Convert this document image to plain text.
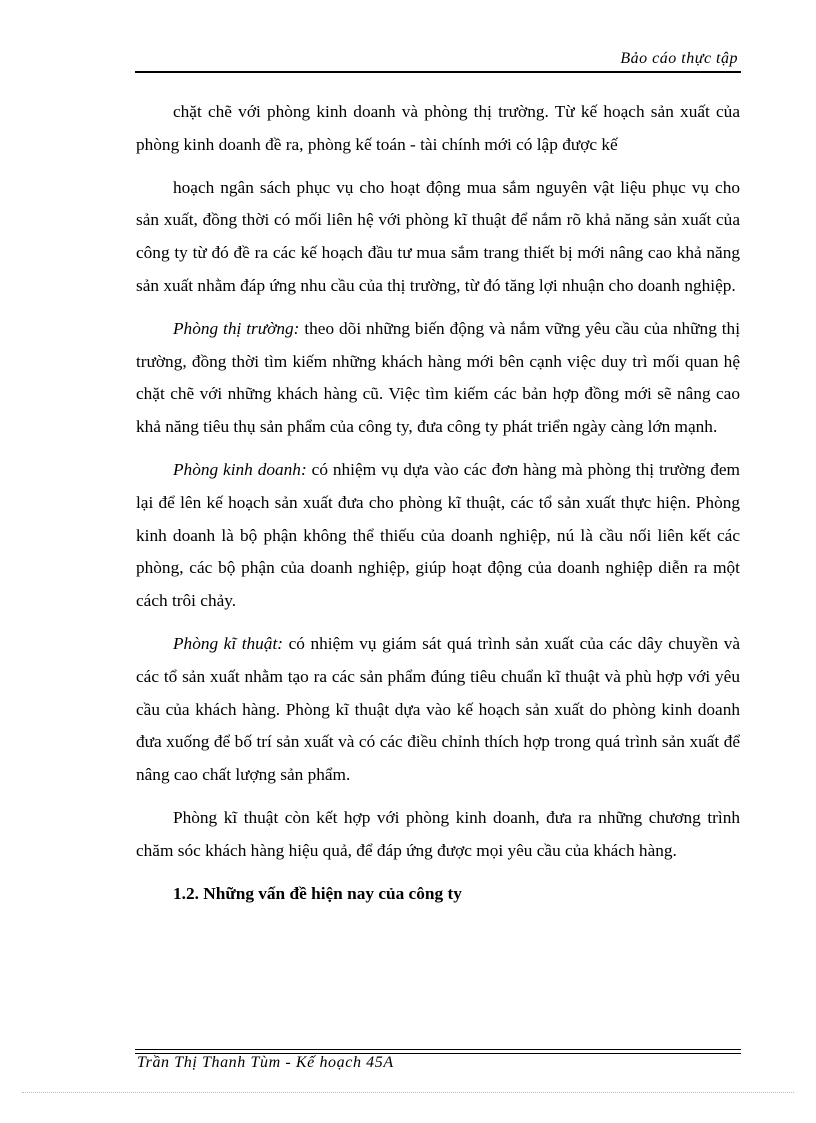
Bảo cáo thực tập

chặt chẽ với phòng kinh doanh và phòng thị trường. Từ kế hoạch sản xuất của phòng kinh doanh đề ra, phòng kế toán - tài chính mới có lập được kế

hoạch ngân sách phục vụ cho hoạt động mua sắm nguyên vật liệu phục vụ cho sản xuất, đồng thời có mối liên hệ với phòng kĩ thuật để nắm rõ khả năng sản xuất của công ty từ đó đề ra các kế hoạch đầu tư mua sắm trang thiết bị mới nâng cao khả năng sản xuất nhằm đáp ứng nhu cầu của thị trường, từ đó tăng lợi nhuận cho doanh nghiệp.

Phòng thị trường: theo dõi những biến động và nắm vững yêu cầu của những thị trường, đồng thời tìm kiếm những khách hàng mới bên cạnh việc duy trì mối quan hệ chặt chẽ với những khách hàng cũ. Việc tìm kiếm các bản hợp đồng mới sẽ nâng cao khả năng tiêu thụ sản phẩm của công ty, đưa công ty phát triển ngày càng lớn mạnh.

Phòng kinh doanh: có nhiệm vụ dựa vào các đơn hàng mà phòng thị trường đem lại để lên kế hoạch sản xuất đưa cho phòng kĩ thuật, các tổ sản xuất thực hiện. Phòng kinh doanh là bộ phận không thể thiếu của doanh nghiệp, nú là cầu nối liên kết các phòng, các bộ phận của doanh nghiệp, giúp hoạt động của doanh nghiệp diễn ra một cách trôi chảy.

Phòng kĩ thuật: có nhiệm vụ giám sát quá trình sản xuất của các dây chuyền và các tổ sản xuất nhằm tạo ra các sản phẩm đúng tiêu chuẩn kĩ thuật và phù hợp với yêu cầu của khách hàng. Phòng kĩ thuật dựa vào kế hoạch sản xuất do phòng kinh doanh đưa xuống để bố trí sản xuất và có các điều chỉnh thích hợp trong quá trình sản xuất để nâng cao chất lượng sản phẩm.

Phòng kĩ thuật còn kết hợp với phòng kinh doanh, đưa ra những chương trình chăm sóc khách hàng hiệu quả, để đáp ứng được mọi yêu cầu của khách hàng.

1.2. Những vấn đề hiện nay của công ty

Trần Thị Thanh Tùm - Kế hoạch 45A
